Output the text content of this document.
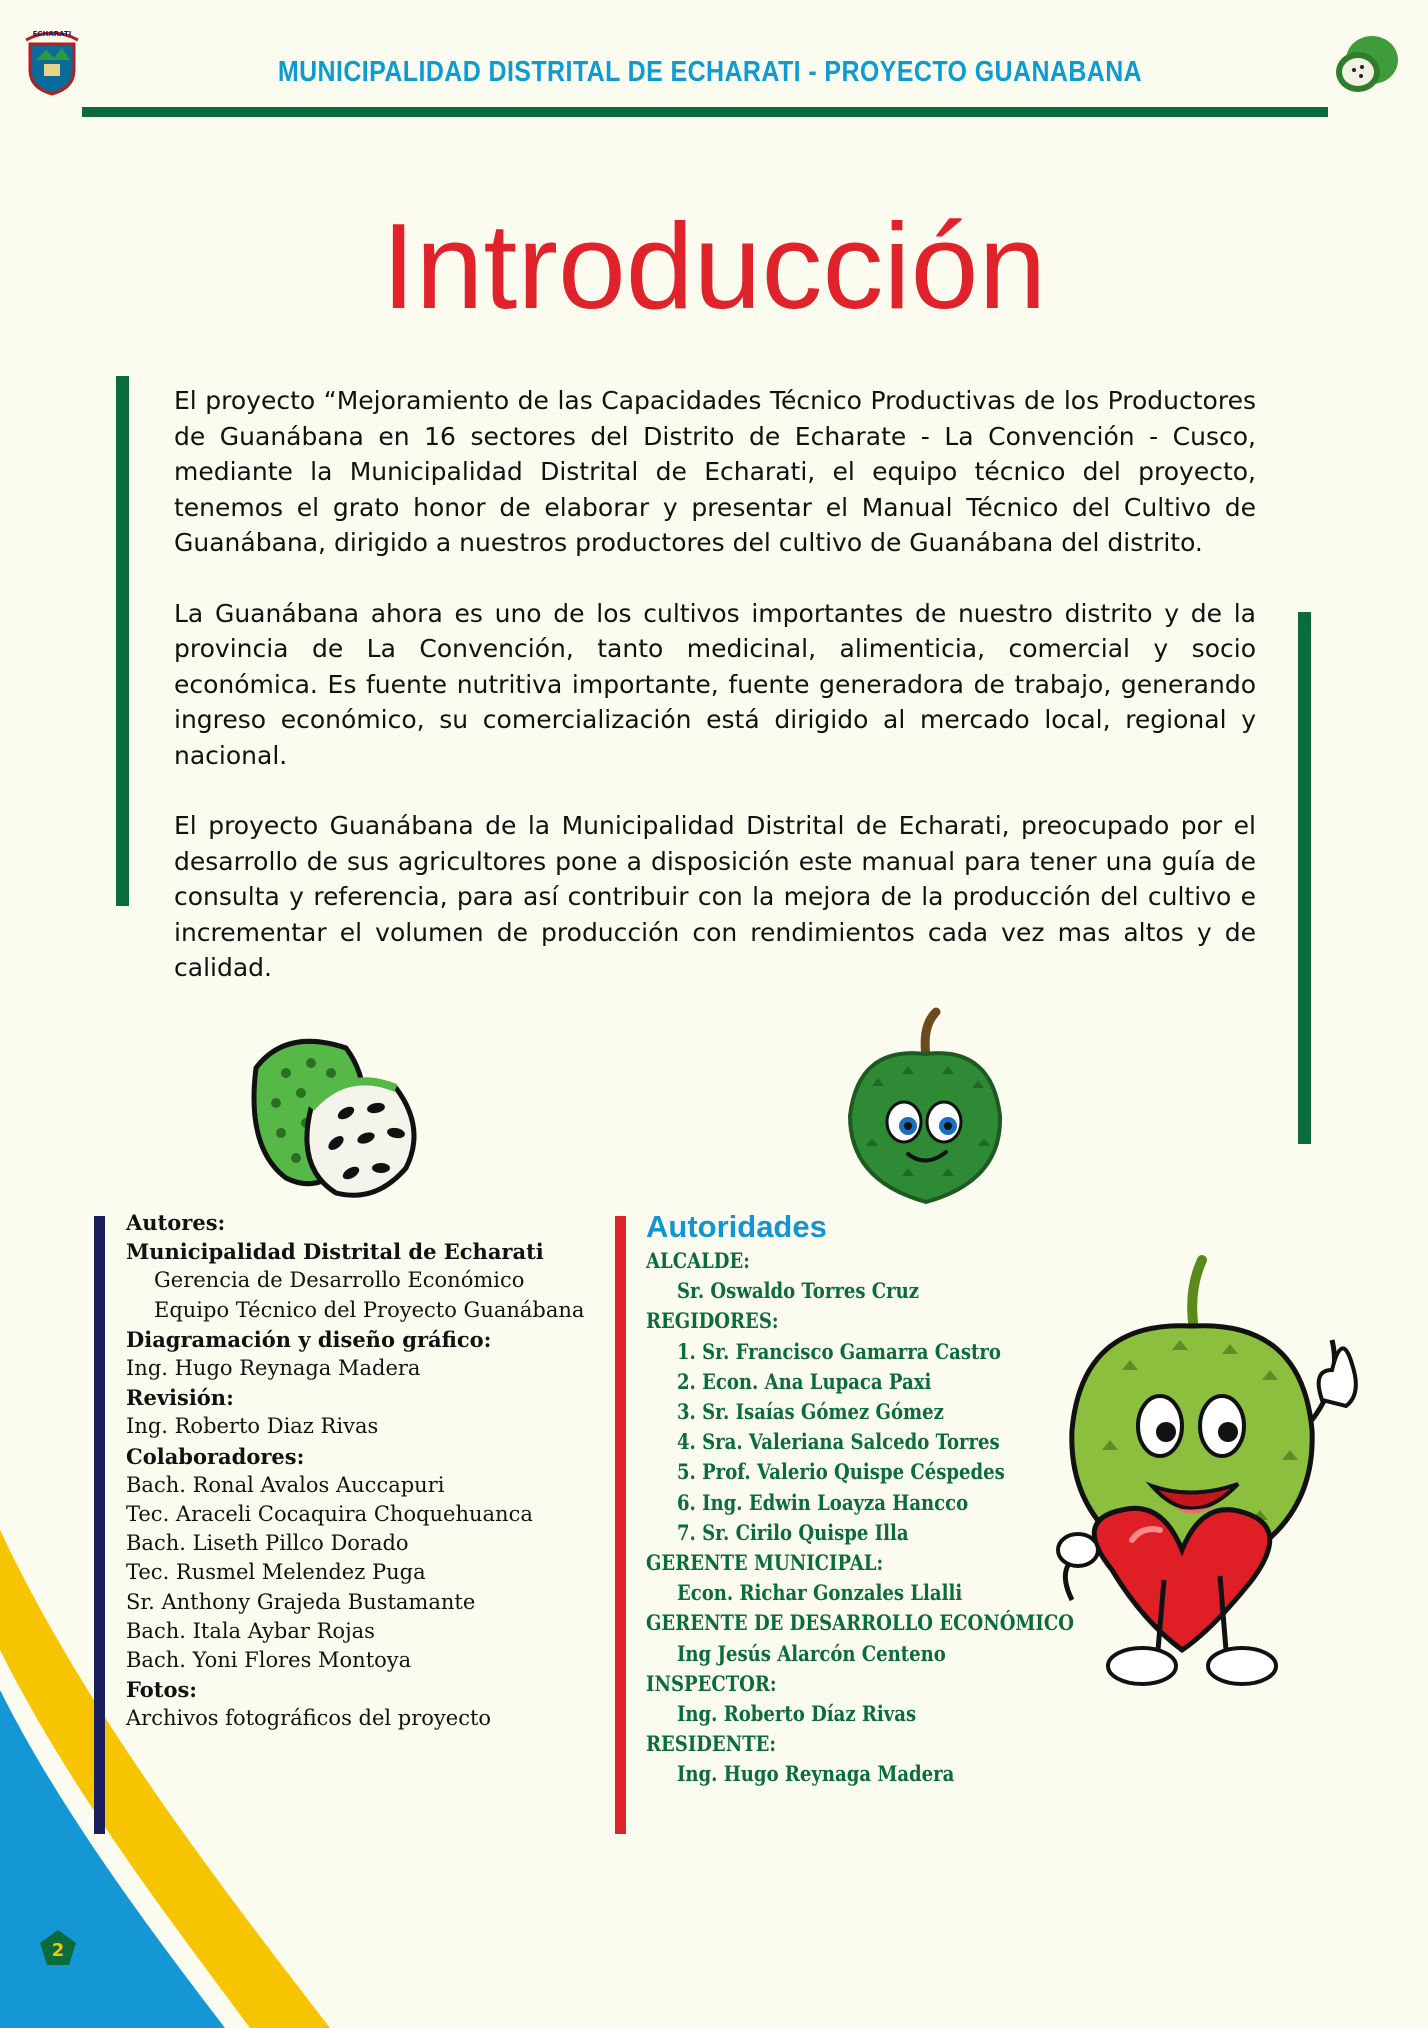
ECHARATI
MUNICIPALIDAD DISTRITAL DE ECHARATI - PROYECTO GUANABANA
Introducción

El proyecto “Mejoramiento de las Capacidades Técnico Productivas de los Productores de Guanábana en 16 sectores del Distrito de Echarate - La Convención - Cusco, mediante la Municipalidad Distrital de Echarati, el equipo técnico del proyecto, tenemos el grato honor de elaborar y presentar el Manual Técnico del Cultivo de Guanábana, dirigido a nuestros productores del cultivo de Guanábana del distrito.

La Guanábana ahora es uno de los cultivos importantes de nuestro distrito y de la provincia de La Convención, tanto medicinal, alimenticia, comercial y socio económica. Es fuente nutritiva importante, fuente generadora de trabajo, generando ingreso económico, su comercialización está dirigido al mercado local, regional y nacional.

El proyecto Guanábana de la Municipalidad Distrital de Echarati, preocupado por el desarrollo de sus agricultores pone a disposición este manual para tener una guía de consulta y referencia, para así contribuir con la mejora de la producción del cultivo e incrementar el volumen de producción con rendimientos cada vez mas altos y de calidad.

Autores:
Municipalidad Distrital de Echarati
Gerencia de Desarrollo Económico
Equipo Técnico del Proyecto Guanábana
Diagramación y diseño gráfico:
Ing. Hugo Reynaga Madera
Revisión:
Ing. Roberto Diaz Rivas
Colaboradores:
Bach. Ronal Avalos Auccapuri
Tec. Araceli Cocaquira Choquehuanca
Bach. Liseth Pillco Dorado
Tec. Rusmel Melendez Puga
Sr. Anthony Grajeda Bustamante
Bach. Itala Aybar Rojas
Bach. Yoni Flores Montoya
Fotos:
Archivos fotográficos del proyecto
Autoridades
ALCALDE:
Sr. Oswaldo Torres Cruz
REGIDORES:
1. Sr. Francisco Gamarra Castro
2. Econ. Ana Lupaca Paxi
3. Sr. Isaías Gómez Gómez
4. Sra. Valeriana Salcedo Torres
5. Prof. Valerio Quispe Céspedes
6. Ing. Edwin Loayza Hancco
7. Sr. Cirilo Quispe Illa
GERENTE MUNICIPAL:
Econ. Richar Gonzales Llalli
GERENTE DE DESARROLLO ECONÓMICO
Ing Jesús Alarcón Centeno
INSPECTOR:
Ing. Roberto Díaz Rivas
RESIDENTE:
Ing. Hugo Reynaga Madera
2
